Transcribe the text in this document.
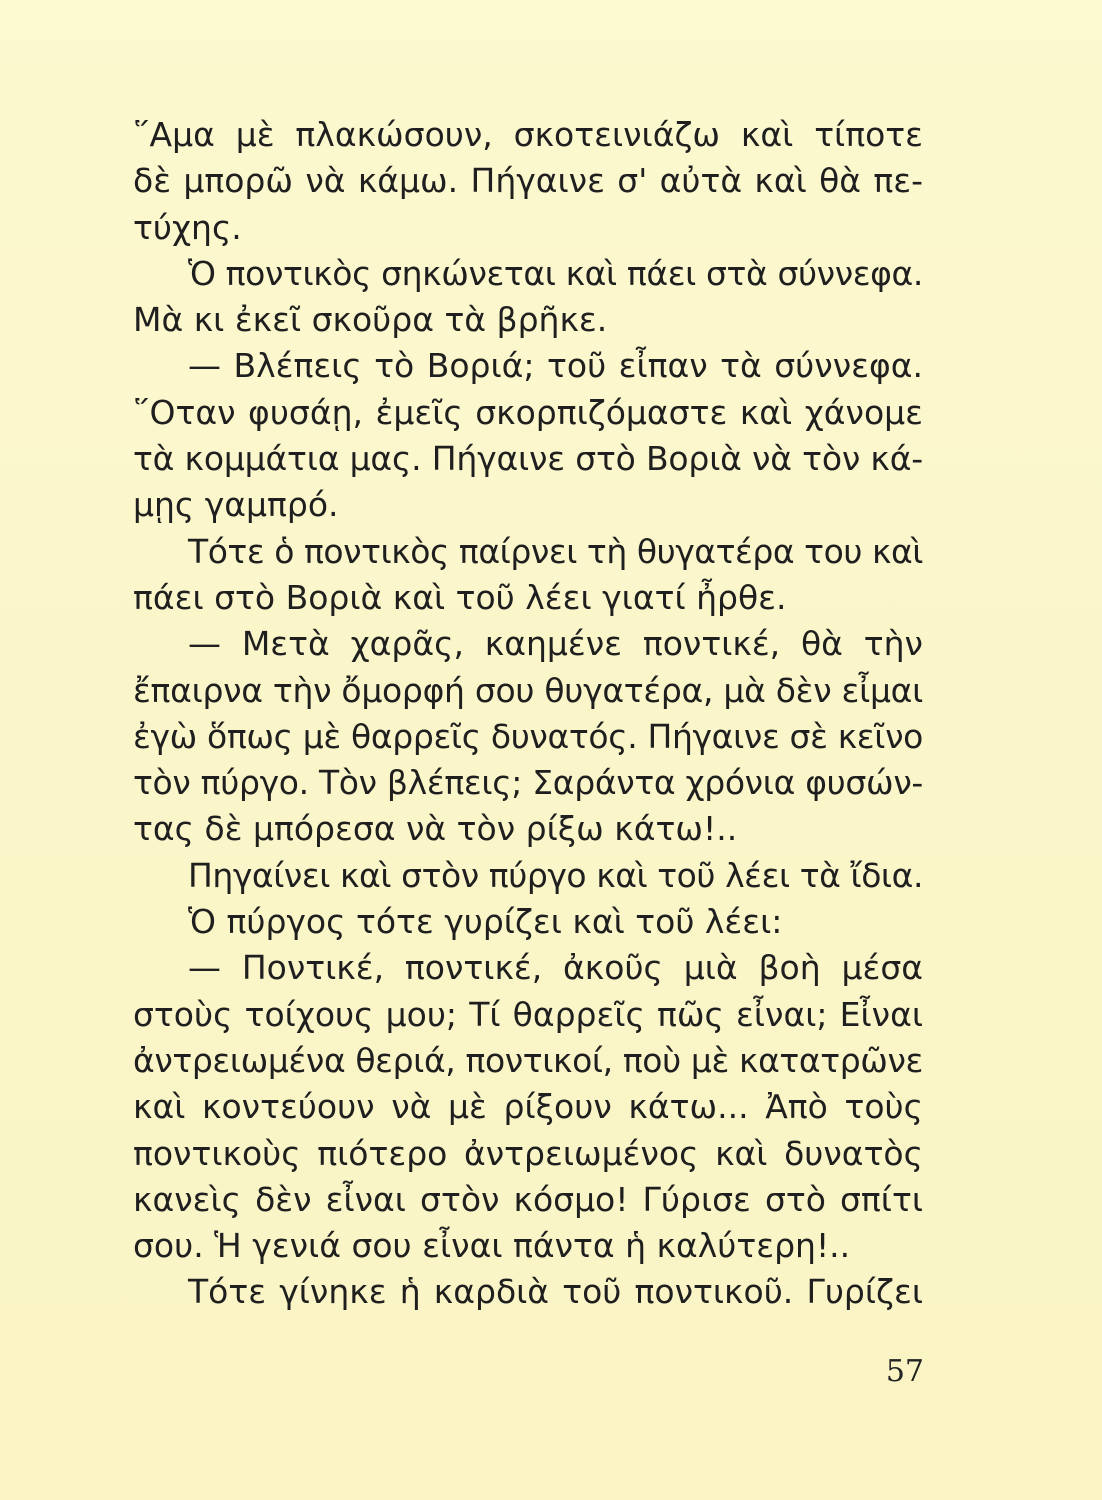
῞Αμα μὲ πλακώσουν, σκοτεινιάζω καὶ τίποτε
δὲ μπορῶ νὰ κάμω. Πήγαινε σ' αὐτὰ καὶ θὰ πε-
τύχης.
Ὁ ποντικὸς σηκώνεται καὶ πάει στὰ σύννεφα.
Μὰ κι ἐκεῖ σκοῦρα τὰ βρῆκε.
— Βλέπεις τὸ Βοριά; τοῦ εἶπαν τὰ σύννεφα.
῞Οταν φυσάῃ, ἐμεῖς σκορπιζόμαστε καὶ χάνομε
τὰ κομμάτια μας. Πήγαινε στὸ Βοριὰ νὰ τὸν κά-
μῃς γαμπρό.
Τότε ὁ ποντικὸς παίρνει τὴ θυγατέρα του καὶ
πάει στὸ Βοριὰ καὶ τοῦ λέει γιατί ἦρθε.
— Μετὰ χαρᾶς, καημένε ποντικέ, θὰ τὴν
ἔπαιρνα τὴν ὄμορφή σου θυγατέρα, μὰ δὲν εἶμαι
ἐγὼ ὅπως μὲ θαρρεῖς δυνατός. Πήγαινε σὲ κεῖνο
τὸν πύργο. Τὸν βλέπεις; Σαράντα χρόνια φυσών-
τας δὲ μπόρεσα νὰ τὸν ρίξω κάτω!..
Πηγαίνει καὶ στὸν πύργο καὶ τοῦ λέει τὰ ἴδια.
Ὁ πύργος τότε γυρίζει καὶ τοῦ λέει:
— Ποντικέ, ποντικέ, ἀκοῦς μιὰ βοὴ μέσα
στοὺς τοίχους μου; Τί θαρρεῖς πῶς εἶναι; Εἶναι
ἀντρειωμένα θεριά, ποντικοί, ποὺ μὲ κατατρῶνε
καὶ κοντεύουν νὰ μὲ ρίξουν κάτω... Ἀπὸ τοὺς
ποντικοὺς πιότερο ἀντρειωμένος καὶ δυνατὸς
κανεὶς δὲν εἶναι στὸν κόσμο! Γύρισε στὸ σπίτι
σου. Ἡ γενιά σου εἶναι πάντα ἡ καλύτερη!..
Τότε γίνηκε ἡ καρδιὰ τοῦ ποντικοῦ. Γυρίζει
57
